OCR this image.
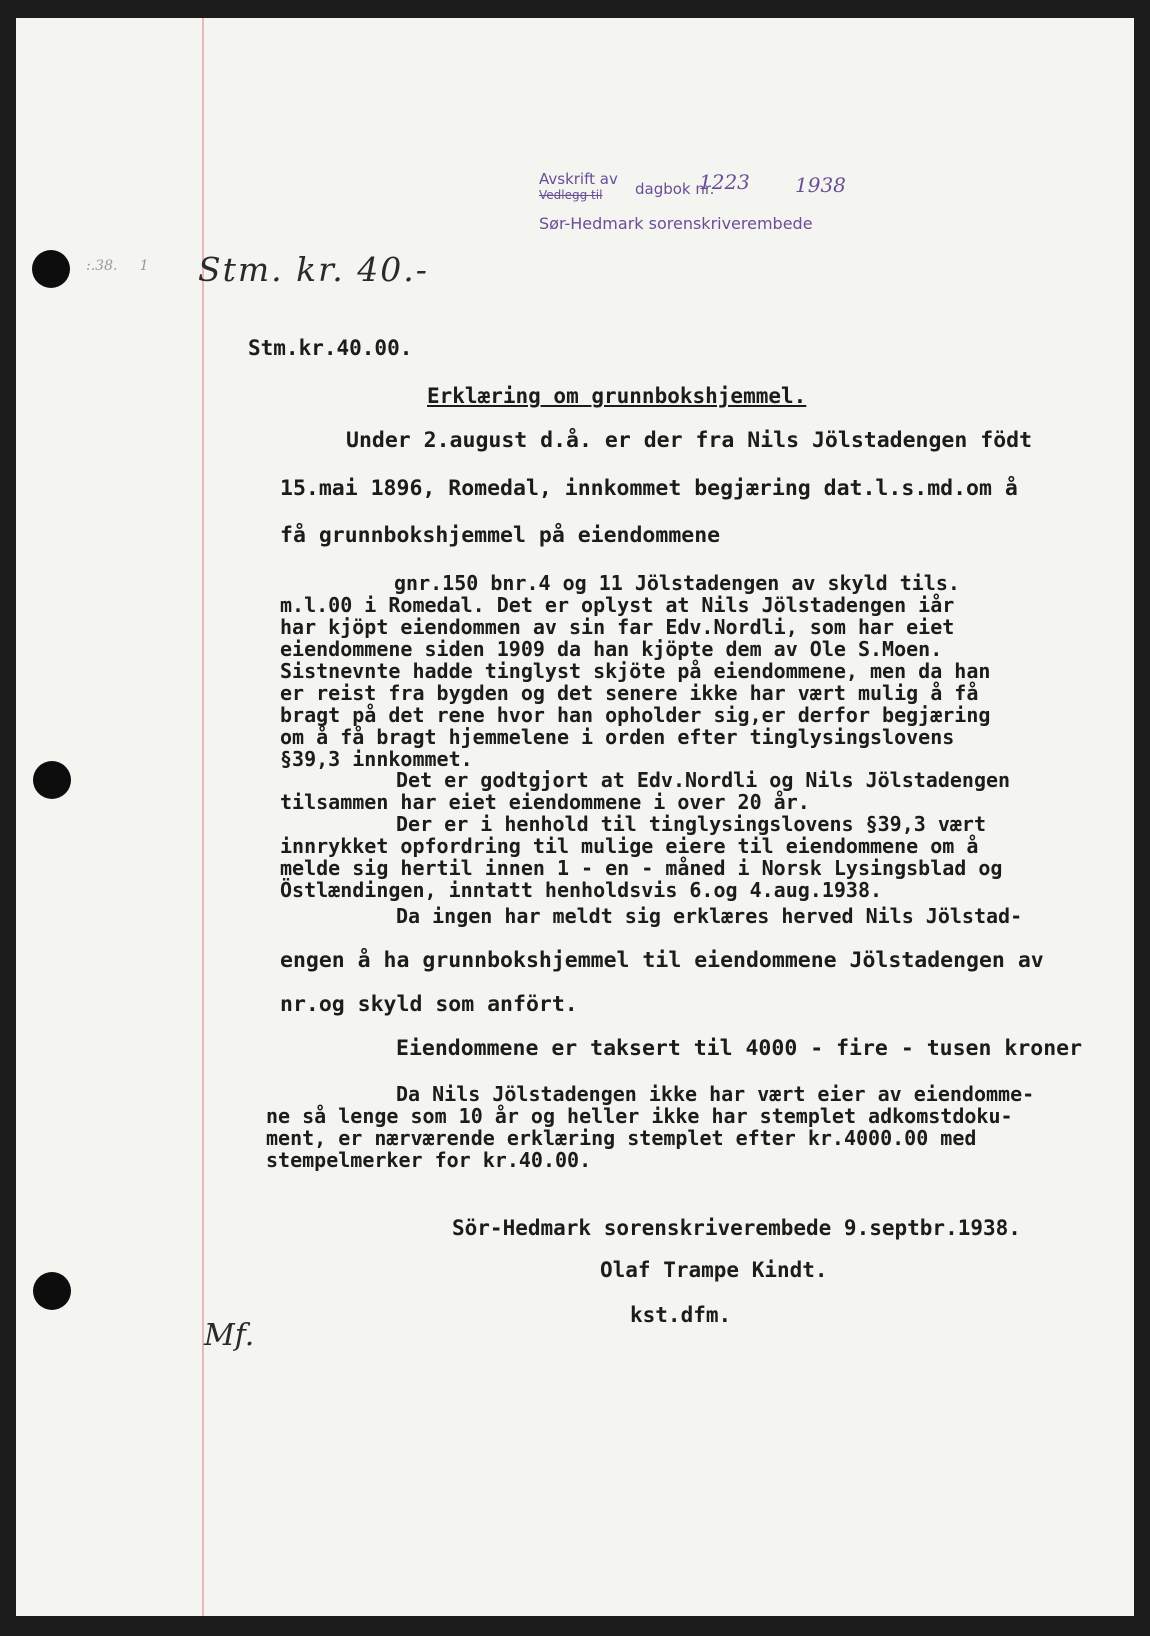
Avskrift av
Vedlegg til dagbok nr.
1223 1938
Sør-Hedmark sorenskriverembede
:.38.     1 Stm. kr. 40.-
Stm.kr.40.00.
Erklæring om grunnbokshjemmel.
Under 2.august d.å. er der fra Nils Jölstadengen födt
15.mai 1896, Romedal, innkommet begjæring dat.l.s.md.om å
få grunnbokshjemmel på eiendommene
gnr.150 bnr.4 og 11 Jölstadengen av skyld tils.
m.l.00 i Romedal. Det er oplyst at Nils Jölstadengen iår
har kjöpt eiendommen av sin far Edv.Nordli, som har eiet
eiendommene siden 1909 da han kjöpte dem av Ole S.Moen.
Sistnevnte hadde tinglyst skjöte på eiendommene, men da han
er reist fra bygden og det senere ikke har vært mulig å få
bragt på det rene hvor han opholder sig,er derfor begjæring
om å få bragt hjemmelene i orden efter tinglysingslovens
§39,3 innkommet.
Det er godtgjort at Edv.Nordli og Nils Jölstadengen
tilsammen har eiet eiendommene i over 20 år.
Der er i henhold til tinglysingslovens §39,3 vært
innrykket opfordring til mulige eiere til eiendommene om å
melde sig hertil innen 1 - en - måned i Norsk Lysingsblad og
Östlændingen, inntatt henholdsvis 6.og 4.aug.1938.
Da ingen har meldt sig erklæres herved Nils Jölstad-
engen å ha grunnbokshjemmel til eiendommene Jölstadengen av
nr.og skyld som anfört.
Eiendommene er taksert til 4000 - fire - tusen kroner
Da Nils Jölstadengen ikke har vært eier av eiendomme-
ne så lenge som 10 år og heller ikke har stemplet adkomstdoku-
ment, er nærværende erklæring stemplet efter kr.4000.00 med
stempelmerker for kr.40.00.
Sör-Hedmark sorenskriverembede 9.septbr.1938.
Olaf Trampe Kindt.
kst.dfm.
Mf.
